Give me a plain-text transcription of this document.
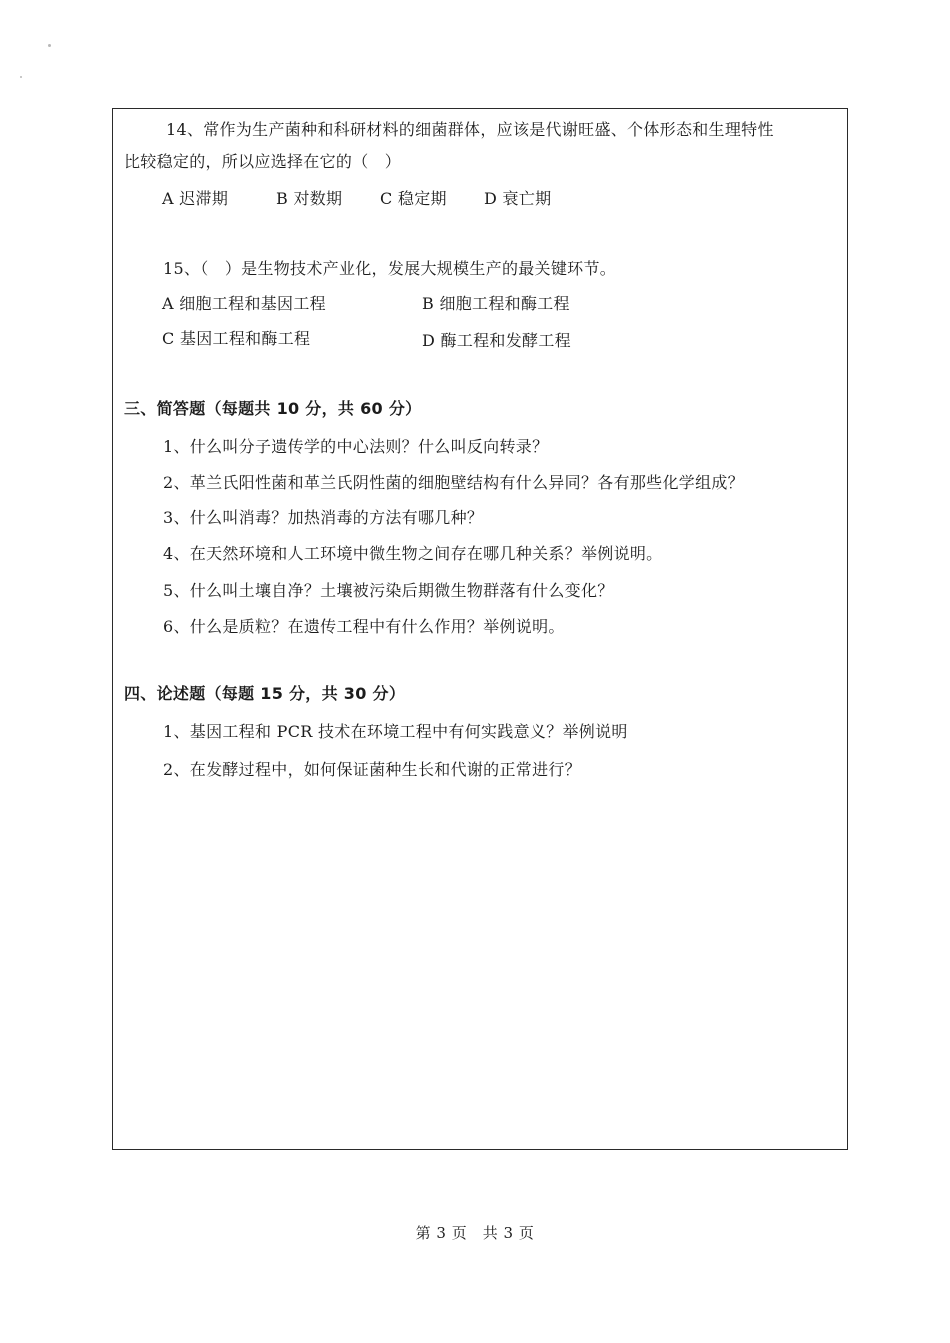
14、常作为生产菌种和科研材料的细菌群体，应该是代谢旺盛、个体形态和生理特性
比较稳定的，所以应选择在它的（　）
A 迟滞期	B 对数期 C 稳定期 D 衰亡期
15、（　）是生物技术产业化，发展大规模生产的最关键环节。
A 细胞工程和基因工程	B 细胞工程和酶工程
C 基因工程和酶工程	D 酶工程和发酵工程
三、简答题（每题共 10 分，共 60 分）
1、什么叫分子遗传学的中心法则？什么叫反向转录？
2、革兰氏阳性菌和革兰氏阴性菌的细胞壁结构有什么异同？各有那些化学组成？
3、什么叫消毒？加热消毒的方法有哪几种？
4、在天然环境和人工环境中微生物之间存在哪几种关系？举例说明。
5、什么叫土壤自净？土壤被污染后期微生物群落有什么变化？
6、什么是质粒？在遗传工程中有什么作用？举例说明。
四、论述题（每题 15 分，共 30 分）
1、基因工程和 PCR 技术在环境工程中有何实践意义？举例说明
2、在发酵过程中，如何保证菌种生长和代谢的正常进行？
第 3 页　共 3 页
